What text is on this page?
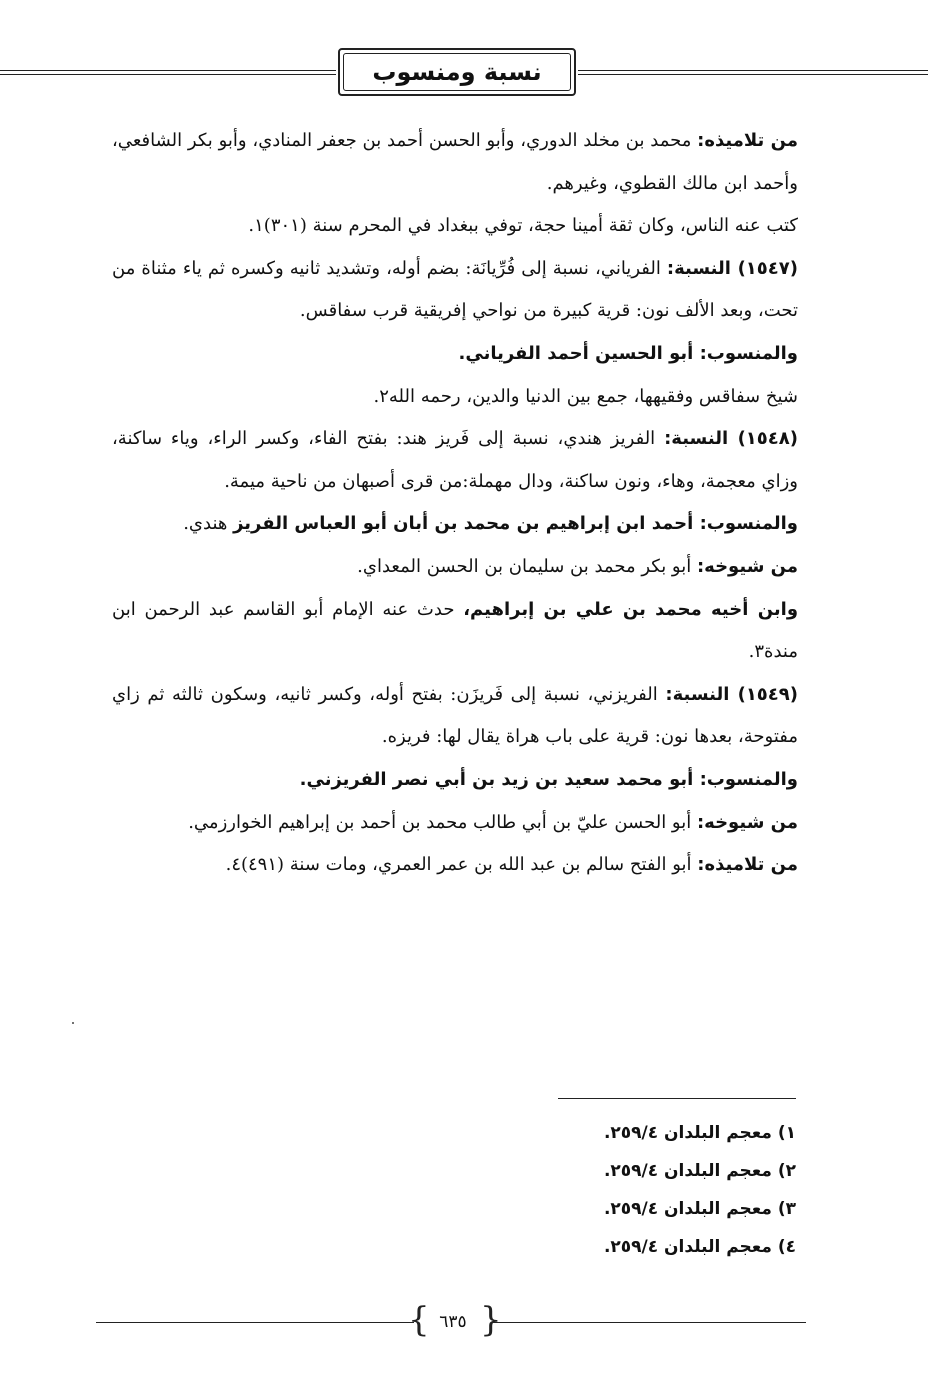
نسبة ومنسوب

من تلاميذه: محمد بن مخلد الدوري، وأبو الحسن أحمد بن جعفر المنادي، وأبو بكر الشافعي، وأحمد ابن مالك القطوي، وغيرهم.

كتب عنه الناس، وكان ثقة أمينا حجة، توفي ببغداد في المحرم سنة (٣٠١)١.

(١٥٤٧) النسبة: الفرياني، نسبة إلى فُرِّيانَة: بضم أوله، وتشديد ثانيه وكسره ثم ياء مثناة من تحت، وبعد الألف نون: قرية كبيرة من نواحي إفريقية قرب سفاقس.

والمنسوب: أبو الحسين أحمد الفرياني.

شيخ سفاقس وفقيهها، جمع بين الدنيا والدين، رحمه الله٢.

(١٥٤٨) النسبة: الفريز هندي، نسبة إلى فَريز هند: بفتح الفاء، وكسر الراء، وياء ساكنة، وزاي معجمة، وهاء، ونون ساكنة، ودال مهملة:من قرى أصبهان من ناحية ميمة.

والمنسوب: أحمد ابن إبراهيم بن محمد بن أبان أبو العباس الفريز هندي.

من شيوخه: أبو بكر محمد بن سليمان بن الحسن المعداي.

وابن أخيه محمد بن علي بن إبراهيم، حدث عنه الإمام أبو القاسم عبد الرحمن ابن مندة٣.

(١٥٤٩) النسبة: الفريزني، نسبة إلى فَريزَن: بفتح أوله، وكسر ثانيه، وسكون ثالثه ثم زاي مفتوحة، بعدها نون: قرية على باب هراة يقال لها: فريزه.

والمنسوب: أبو محمد سعيد بن زيد بن أبي نصر الفريزني.

من شيوخه: أبو الحسن عليّ بن أبي طالب محمد بن أحمد بن إبراهيم الخوارزمي.

من تلاميذه: أبو الفتح سالم بن عبد الله بن عمر العمري، ومات سنة (٤٩١)٤.

١) معجم البلدان ٢٥٩/٤.
٢) معجم البلدان ٢٥٩/٤.
٣) معجم البلدان ٢٥٩/٤.
٤) معجم البلدان ٢٥٩/٤.
{ ٦٣٥ }
